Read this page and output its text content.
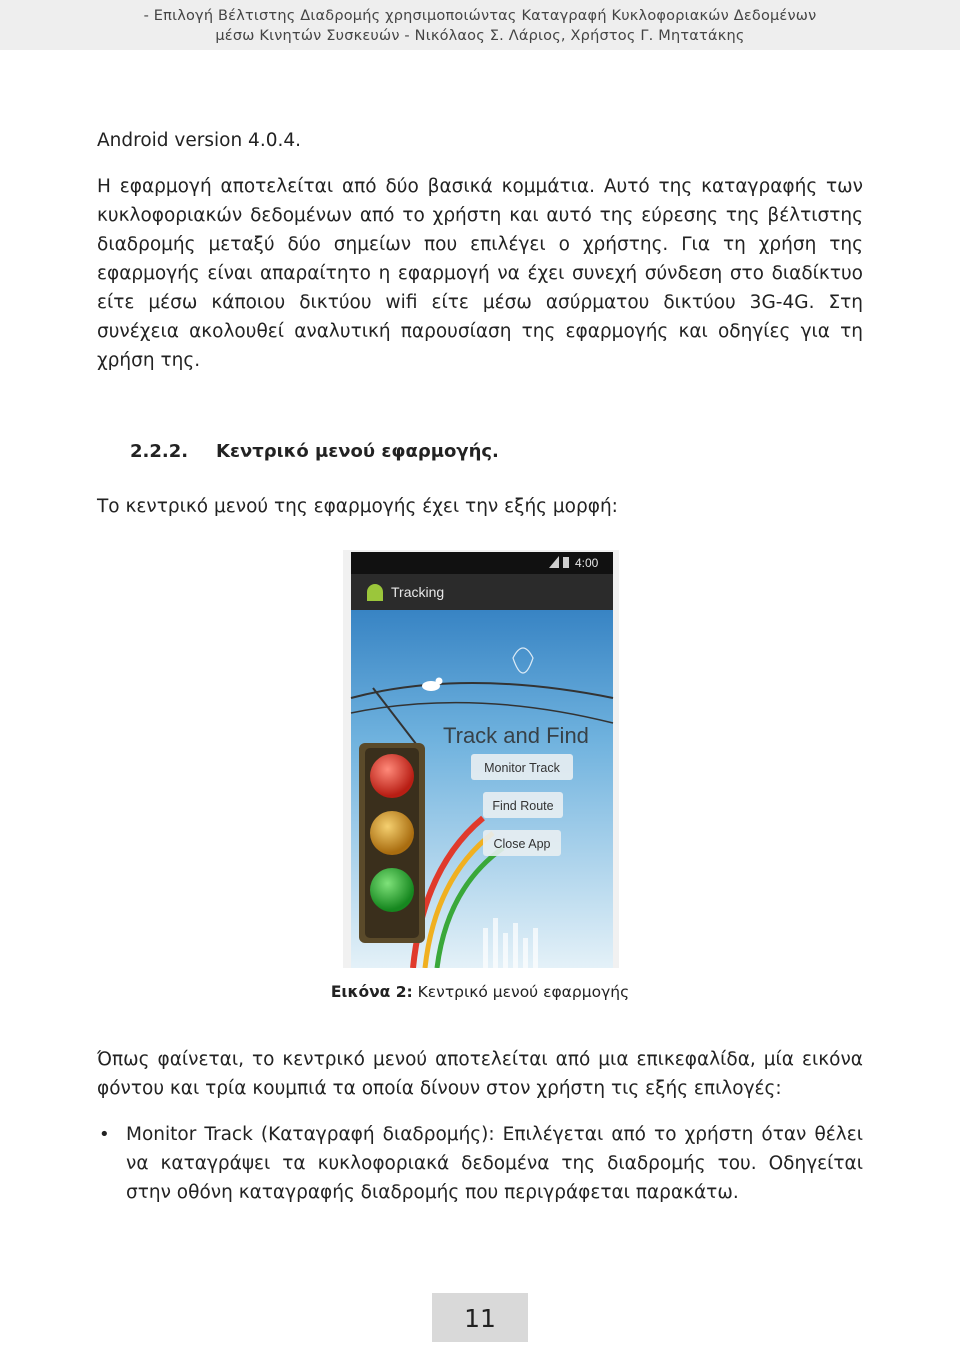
- Επιλογή Βέλτιστης Διαδρομής χρησιμοποιώντας Καταγραφή Κυκλοφοριακών Δεδομένων
μέσω Κινητών Συσκευών - Νικόλαος Σ. Λάριος, Χρήστος Γ. Μητατάκης
Android version 4.0.4.
Η εφαρμογή αποτελείται από δύο βασικά κομμάτια. Αυτό της καταγραφής των κυκλοφοριακών δεδομένων από το χρήστη και αυτό της εύρεσης της βέλτιστης διαδρομής μεταξύ δύο σημείων που επιλέγει ο χρήστης. Για τη χρήση της εφαρμογής είναι απαραίτητο η εφαρμογή να έχει συνεχή σύνδεση στο διαδίκτυο είτε μέσω κάποιου δικτύου wifi είτε μέσω ασύρματου δικτύου 3G-4G. Στη συνέχεια ακολουθεί αναλυτική παρουσίαση της εφαρμογής και οδηγίες για τη χρήση της.
2.2.2. Κεντρικό μενού εφαρμογής.
Το κεντρικό μενού της εφαρμογής έχει την εξής μορφή:
4:00
Tracking
Track and Find
Monitor Track
Find Route
Close App
Εικόνα 2: Κεντρικό μενού εφαρμογής
Όπως φαίνεται, το κεντρικό μενού αποτελείται από μια επικεφαλίδα, μία εικόνα φόντου και τρία κουμπιά τα οποία δίνουν στον χρήστη τις εξής επιλογές:
• Monitor Track (Καταγραφή διαδρομής): Επιλέγεται από το χρήστη όταν θέλει να καταγράψει τα κυκλοφοριακά δεδομένα της διαδρομής του. Οδηγείται στην οθόνη καταγραφής διαδρομής που περιγράφεται παρακάτω.
11
